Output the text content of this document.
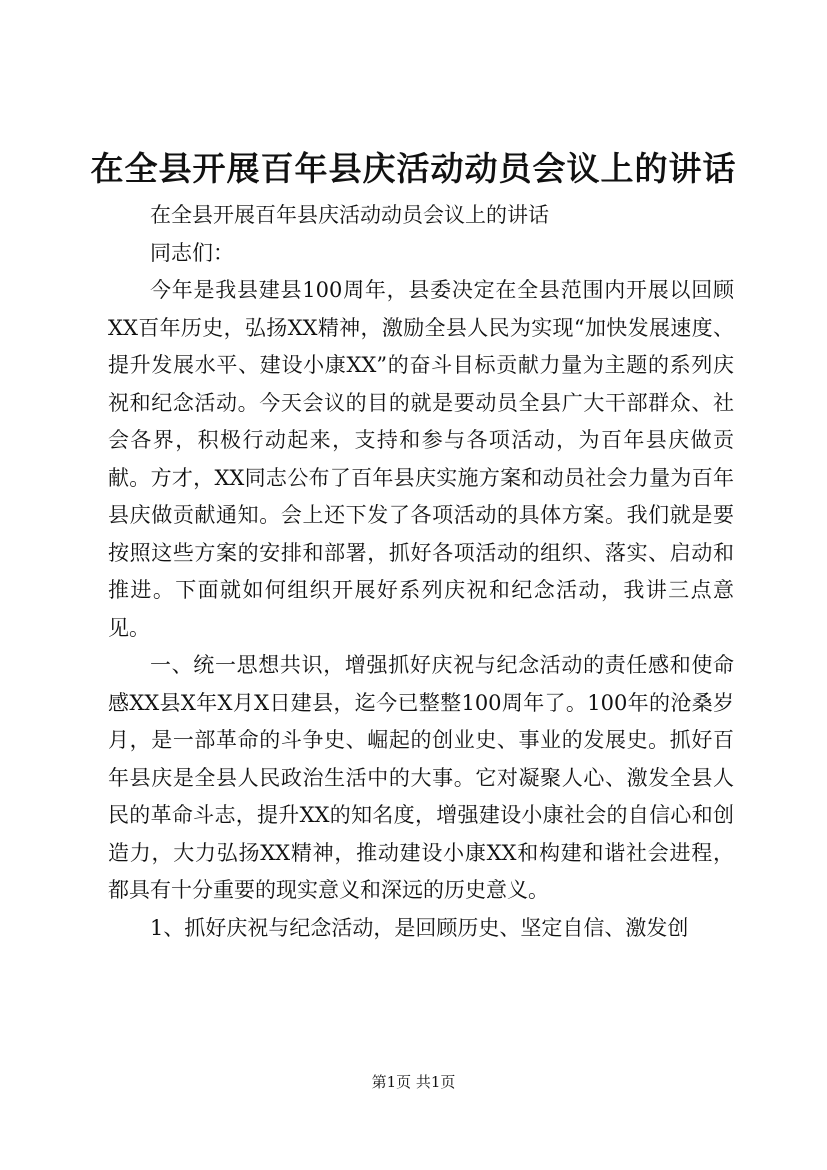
在全县开展百年县庆活动动员会议上的讲话

在全县开展百年县庆活动动员会议上的讲话

同志们：

今年是我县建县100周年，县委决定在全县范围内开展以回顾XX百年历史，弘扬XX精神，激励全县人民为实现“加快发展速度、提升发展水平、建设小康XX”的奋斗目标贡献力量为主题的系列庆祝和纪念活动。今天会议的目的就是要动员全县广大干部群众、社会各界，积极行动起来，支持和参与各项活动，为百年县庆做贡献。方才，XX同志公布了百年县庆实施方案和动员社会力量为百年县庆做贡献通知。会上还下发了各项活动的具体方案。我们就是要按照这些方案的安排和部署，抓好各项活动的组织、落实、启动和推进。下面就如何组织开展好系列庆祝和纪念活动，我讲三点意见。

一、统一思想共识，增强抓好庆祝与纪念活动的责任感和使命感XX县X年X月X日建县，迄今已整整100周年了。100年的沧桑岁月，是一部革命的斗争史、崛起的创业史、事业的发展史。抓好百年县庆是全县人民政治生活中的大事。它对凝聚人心、激发全县人民的革命斗志，提升XX的知名度，增强建设小康社会的自信心和创造力，大力弘扬XX精神，推动建设小康XX和构建和谐社会进程，都具有十分重要的现实意义和深远的历史意义。

1、抓好庆祝与纪念活动，是回顾历史、坚定自信、激发创

第1页 共1页
